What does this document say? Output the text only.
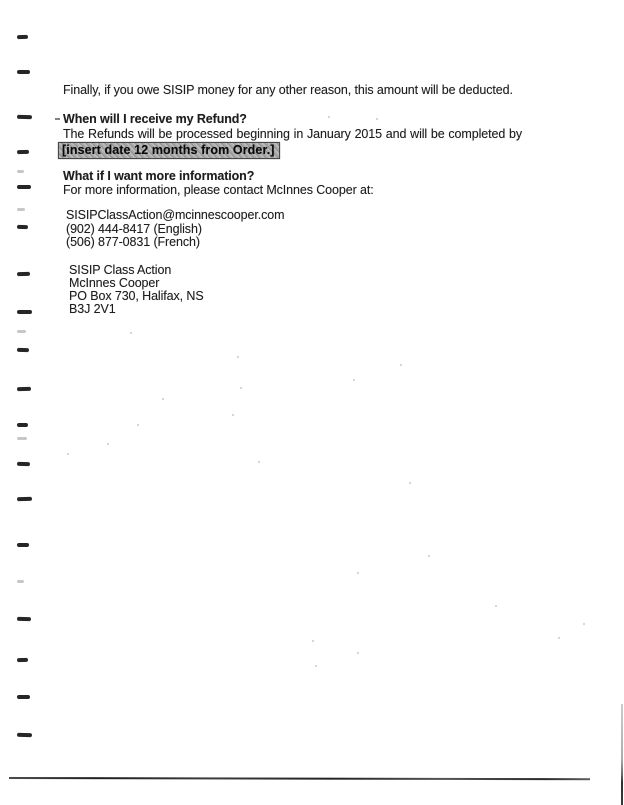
Finally, if you owe SISIP money for any other reason, this amount will be deducted.

When will I receive my Refund?
The Refunds will be processed beginning in January 2015 and will be completed by
[insert date 12 months from Order.]
What if I want more information?

For more information, please contact McInnes Cooper at:

SISIPClassAction@mcinnescooper.com
(902) 444-8417 (English)
(506) 877-0831 (French)
SISIP Class Action
McInnes Cooper
PO Box 730, Halifax, NS
B3J 2V1
